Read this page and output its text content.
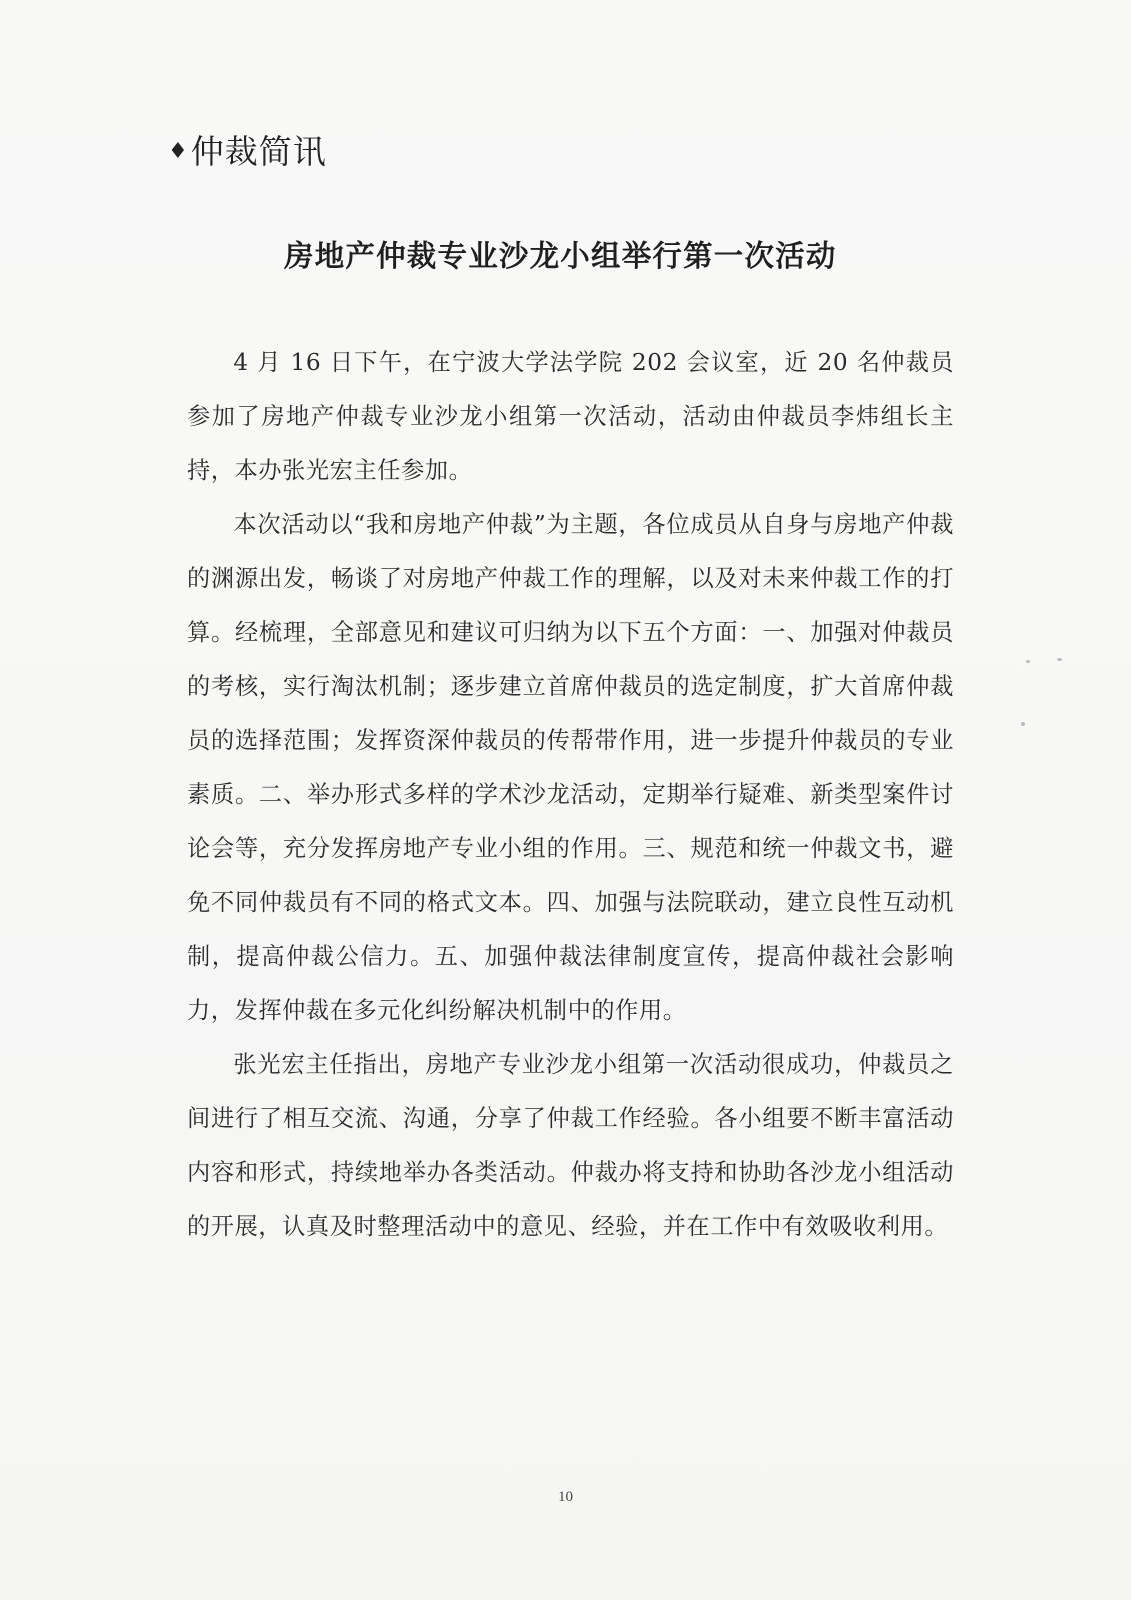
♦仲裁简讯
房地产仲裁专业沙龙小组举行第一次活动

4 月 16 日下午，在宁波大学法学院 202 会议室，近 20 名仲裁员参加了房地产仲裁专业沙龙小组第一次活动，活动由仲裁员李炜组长主持，本办张光宏主任参加。

本次活动以“我和房地产仲裁”为主题，各位成员从自身与房地产仲裁的渊源出发，畅谈了对房地产仲裁工作的理解，以及对未来仲裁工作的打算。经梳理，全部意见和建议可归纳为以下五个方面：一、加强对仲裁员的考核，实行淘汰机制；逐步建立首席仲裁员的选定制度，扩大首席仲裁员的选择范围；发挥资深仲裁员的传帮带作用，进一步提升仲裁员的专业素质。二、举办形式多样的学术沙龙活动，定期举行疑难、新类型案件讨论会等，充分发挥房地产专业小组的作用。三、规范和统一仲裁文书，避免不同仲裁员有不同的格式文本。四、加强与法院联动，建立良性互动机制，提高仲裁公信力。五、加强仲裁法律制度宣传，提高仲裁社会影响力，发挥仲裁在多元化纠纷解决机制中的作用。

张光宏主任指出，房地产专业沙龙小组第一次活动很成功，仲裁员之间进行了相互交流、沟通，分享了仲裁工作经验。各小组要不断丰富活动内容和形式，持续地举办各类活动。仲裁办将支持和协助各沙龙小组活动的开展，认真及时整理活动中的意见、经验，并在工作中有效吸收利用。

10
